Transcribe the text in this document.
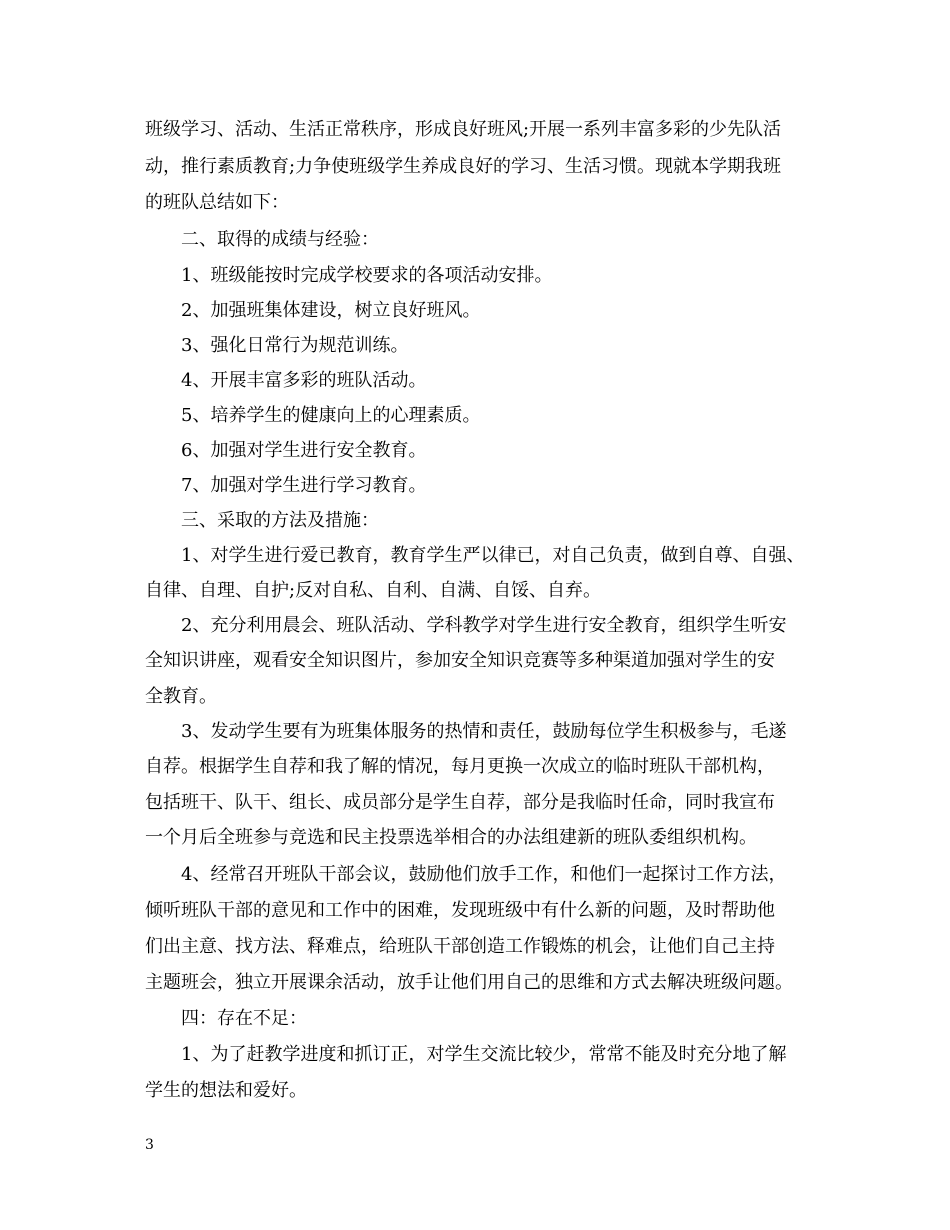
班级学习、活动、生活正常秩序，形成良好班风;开展一系列丰富多彩的少先队活
动，推行素质教育;力争使班级学生养成良好的学习、生活习惯。现就本学期我班
的班队总结如下：
二、取得的成绩与经验：
1、班级能按时完成学校要求的各项活动安排。
2、加强班集体建设，树立良好班风。
3、强化日常行为规范训练。
4、开展丰富多彩的班队活动。
5、培养学生的健康向上的心理素质。
6、加强对学生进行安全教育。
7、加强对学生进行学习教育。
三、采取的方法及措施：
1、对学生进行爱已教育，教育学生严以律已，对自己负责，做到自尊、自强、
自律、自理、自护;反对自私、自利、自满、自馁、自弃。
2、充分利用晨会、班队活动、学科教学对学生进行安全教育，组织学生听安
全知识讲座，观看安全知识图片，参加安全知识竞赛等多种渠道加强对学生的安
全教育。
3、发动学生要有为班集体服务的热情和责任，鼓励每位学生积极参与，毛遂
自荐。根据学生自荐和我了解的情况，每月更换一次成立的临时班队干部机构，
包括班干、队干、组长、成员部分是学生自荐，部分是我临时任命，同时我宣布
一个月后全班参与竞选和民主投票选举相合的办法组建新的班队委组织机构。
4、经常召开班队干部会议，鼓励他们放手工作，和他们一起探讨工作方法，
倾听班队干部的意见和工作中的困难，发现班级中有什么新的问题，及时帮助他
们出主意、找方法、释难点，给班队干部创造工作锻炼的机会，让他们自己主持
主题班会，独立开展课余活动，放手让他们用自己的思维和方式去解决班级问题。
四：存在不足：
1、为了赶教学进度和抓订正，对学生交流比较少，常常不能及时充分地了解
学生的想法和爱好。
3
